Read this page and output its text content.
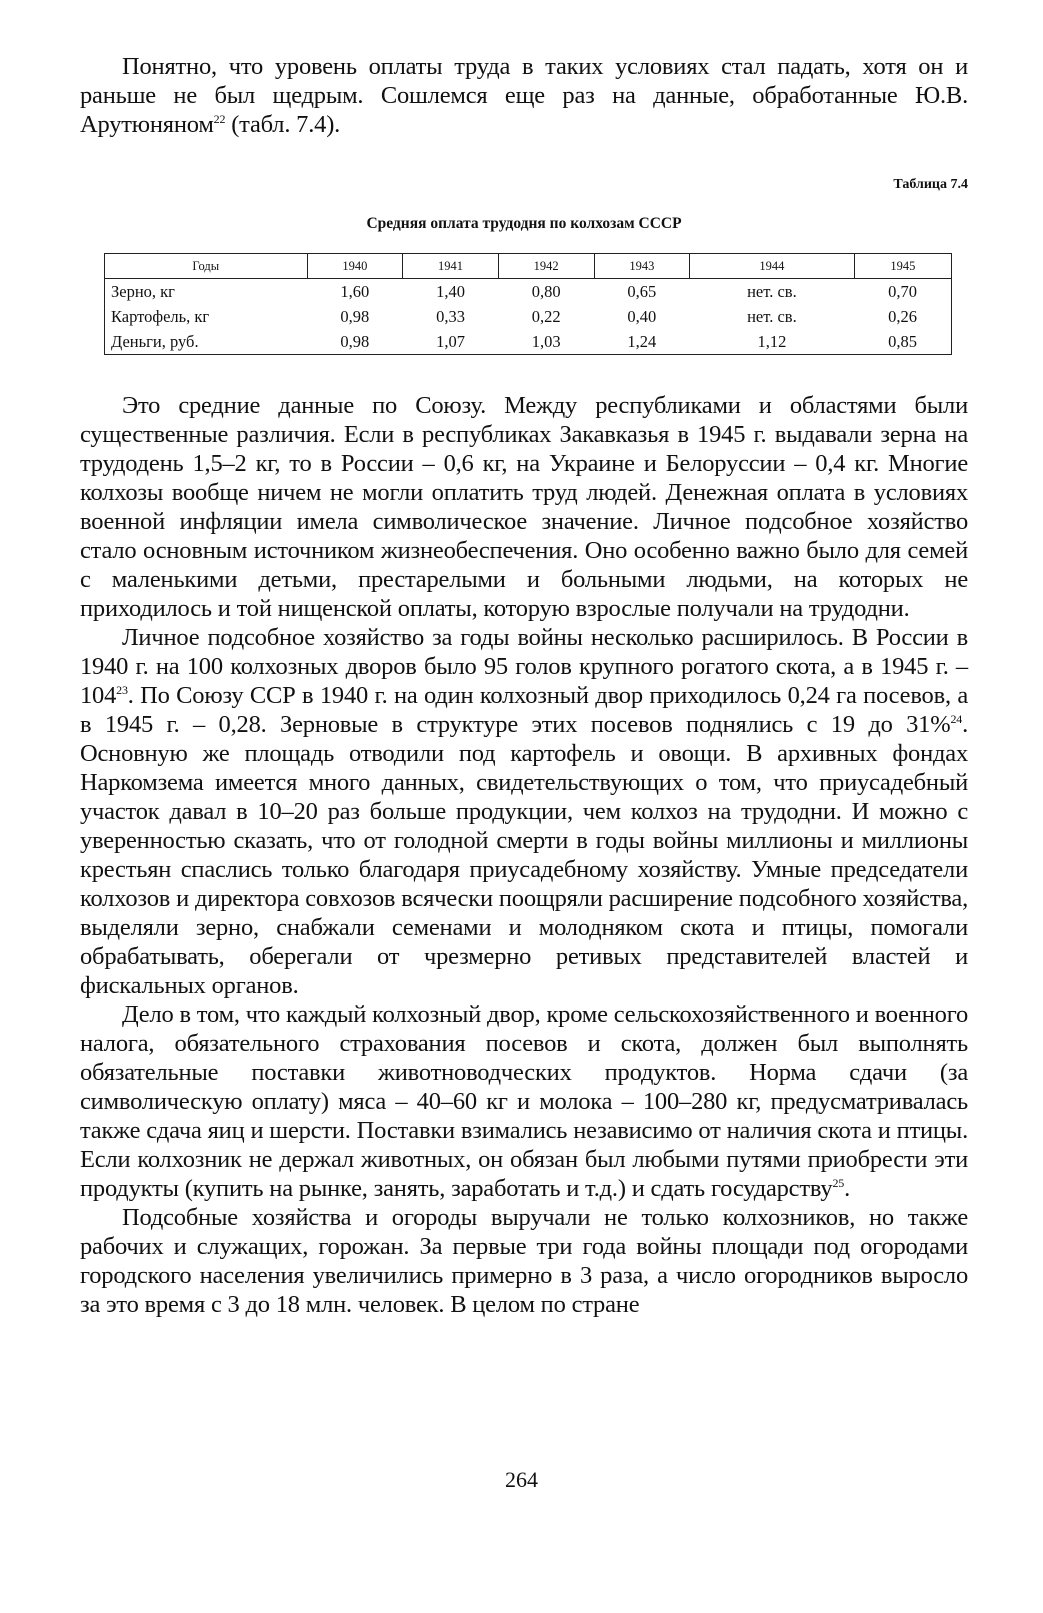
Понятно, что уровень оплаты труда в таких условиях стал падать, хотя он и раньше не был щедрым. Сошлемся еще раз на данные, обработанные Ю.В. Арутюняном$^{22}$ (табл. 7.4).

Таблица 7.4
Средняя оплата трудодня по колхозам СССР
Годы	1940	1941	1942	1943	1944	1945
Зерно, кг	1,60	1,40	0,80	0,65	нет. св.	0,70
Картофель, кг	0,98	0,33	0,22	0,40	нет. св.	0,26
Деньги, руб.	0,98	1,07	1,03	1,24	1,12	0,85

Это средние данные по Союзу. Между республиками и областями были существенные различия. Если в республиках Закавказья в 1945 г. выдавали зерна на трудодень 1,5–2 кг, то в России – 0,6 кг, на Украине и Белоруссии – 0,4 кг. Многие колхозы вообще ничем не могли оплатить труд людей. Денежная оплата в условиях военной инфляции имела символическое значение. Личное подсобное хозяйство стало основным источником жизнеобеспечения. Оно особенно важно было для семей с маленькими детьми, престарелыми и больными людьми, на которых не приходилось и той нищенской оплаты, которую взрослые получали на трудодни.

Личное подсобное хозяйство за годы войны несколько расширилось. В России в 1940 г. на 100 колхозных дворов было 95 голов крупного рогатого скота, а в 1945 г. – $104^{23}$. По Союзу ССР в 1940 г. на один колхозный двор приходилось 0,24 га посевов, а в 1945 г. – 0,28. Зерновые в структуре этих посевов поднялись с 19 до 31%$^{24}$. Основную же площадь отводили под картофель и овощи. В архивных фондах Наркомзема имеется много данных, свидетельствующих о том, что приусадебный участок давал в 10–20 раз больше продукции, чем колхоз на трудодни. И можно с уверенностью сказать, что от голодной смерти в годы войны миллионы и миллионы крестьян спаслись только благодаря приусадебному хозяйству. Умные председатели колхозов и директора совхозов всячески поощряли расширение подсобного хозяйства, выделяли зерно, снабжали семенами и молодняком скота и птицы, помогали обрабатывать, оберегали от чрезмерно ретивых представителей властей и фискальных органов.

Дело в том, что каждый колхозный двор, кроме сельскохозяйственного и военного налога, обязательного страхования посевов и скота, должен был выполнять обязательные поставки животноводческих продуктов. Норма сдачи (за символическую оплату) мяса – 40–60 кг и молока – 100–280 кг, предусматривалась также сдача яиц и шерсти. Поставки взимались независимо от наличия скота и птицы. Если колхозник не держал животных, он обязан был любыми путями приобрести эти продукты (купить на рынке, занять, заработать и т.д.) и сдать государству$^{25}$.

Подсобные хозяйства и огороды выручали не только колхозников, но также рабочих и служащих, горожан. За первые три года войны площади под огородами городского населения увеличились примерно в 3 раза, а число огородников выросло за это время с 3 до 18 млн. человек. В целом по стране

264
